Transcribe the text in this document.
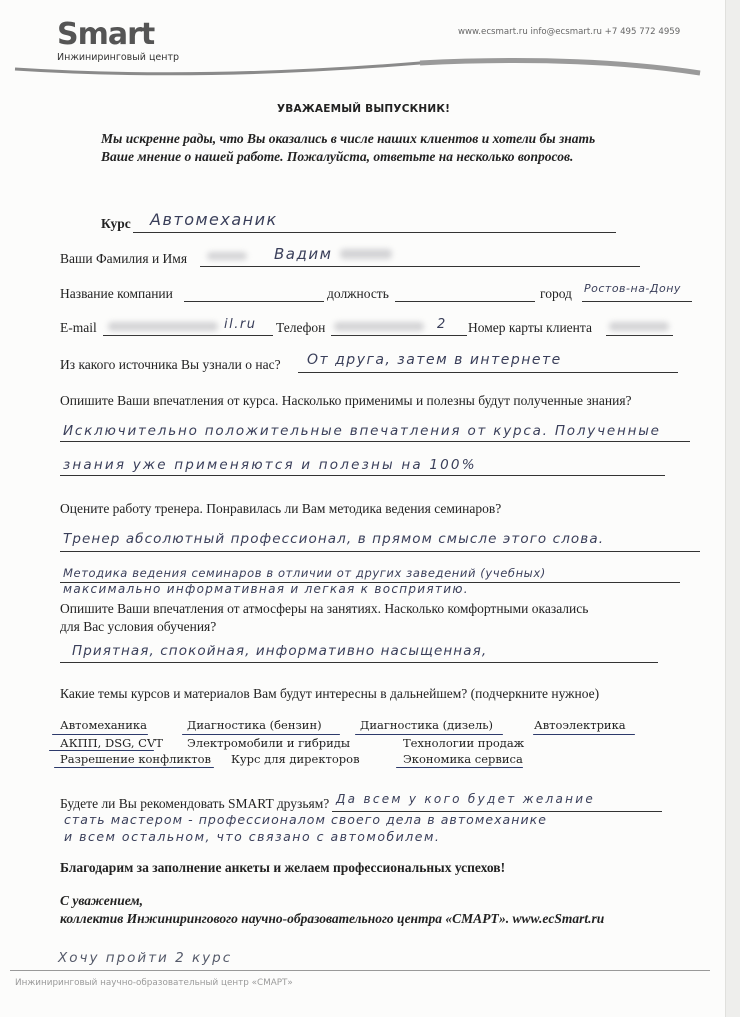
Smart
Инжиниринговый центр
www.ecsmart.ru info@ecsmart.ru +7 495 772 4959
УВАЖАЕМЫЙ ВЫПУСКНИК!
Мы искренне рады, что Вы оказались в числе наших клиентов и хотели бы знать
Ваше мнение о нашей работе. Пожалуйста, ответьте на несколько вопросов.
Курс Автомеханик
Ваши Фамилия и Имя	Вадим
Название компании	должность	город Ростов-на-Дону
E-mail	il.ru Телефон	2 Номер карты клиента
Из какого источника Вы узнали о нас? От друга, затем в интернете
Опишите Ваши впечатления от курса. Насколько применимы и полезны будут полученные знания?
Исключительно положительные впечатления от курса. Полученные
знания уже применяются и полезны на 100%
Оцените работу тренера. Понравилась ли Вам методика ведения семинаров?
Тренер абсолютный профессионал, в прямом смысле этого слова.
Методика ведения семинаров в отличии от других заведений (учебных)
максимально информативная и легкая к восприятию.
Опишите Ваши впечатления от атмосферы на занятиях. Насколько комфортными оказались
для Вас условия обучения?
Приятная, спокойная, информативно насыщенная,
Какие темы курсов и материалов Вам будут интересны в дальнейшем? (подчеркните нужное)
Автомеханика	Диагностика (бензин)	Диагностика (дизель)	Автоэлектрика
АКПП, DSG, CVT Электромобили и гибриды	Технологии продаж
Разрешение конфликтов Курс для директоров	Экономика сервиса
Будете ли Вы рекомендовать SMART друзьям? Да всем у кого будет желание
стать мастером - профессионалом своего дела в автомеханике
и всем остальном, что связано с автомобилем.
Благодарим за заполнение анкеты и желаем профессиональных успехов!
С уважением,
коллектив Инжинирингового научно-образовательного центра «СМАРТ». www.ecSmart.ru
Хочу пройти 2 курс
Инжиниринговый научно-образовательный центр «СМАРТ»
